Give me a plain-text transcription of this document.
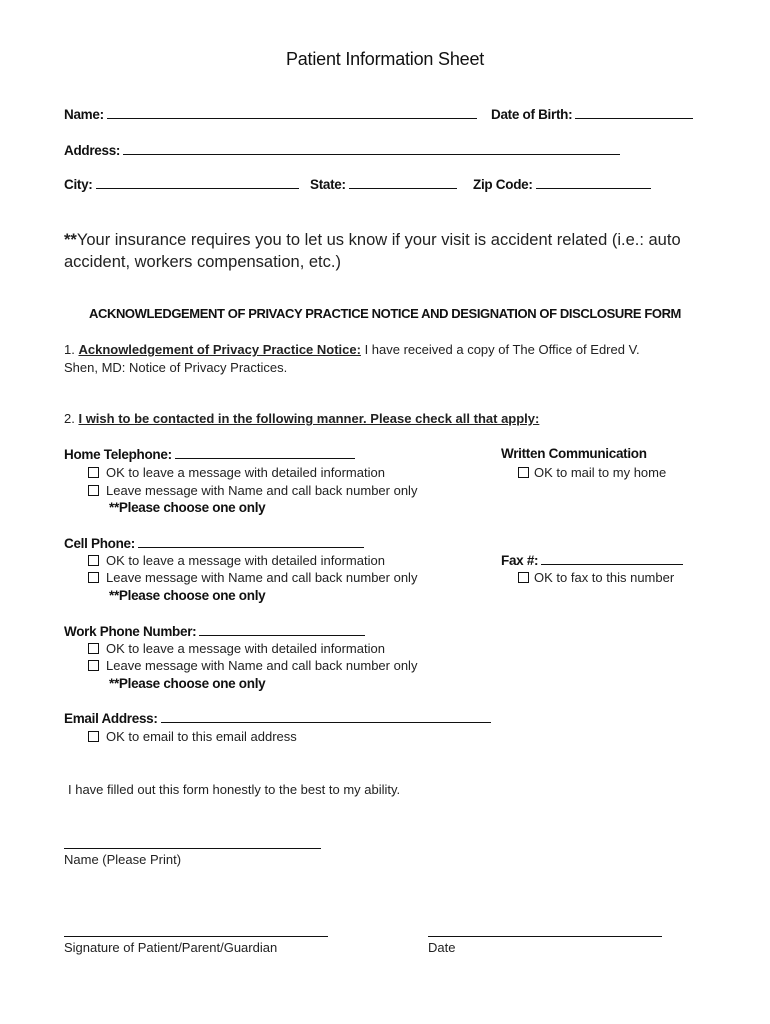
Patient Information Sheet
Name:	Date of Birth:
Address:
City:	State:	Zip Code:
**Your insurance requires you to let us know if your visit is accident related (i.e.: auto accident, workers compensation, etc.)
ACKNOWLEDGEMENT OF PRIVACY PRACTICE NOTICE AND DESIGNATION OF DISCLOSURE FORM
1. Acknowledgement of Privacy Practice Notice: I have received a copy of The Office of Edred V.
Shen, MD: Notice of Privacy Practices.
2. I wish to be contacted in the following manner. Please check all that apply:
Home Telephone:
OK to leave a message with detailed information
Leave message with Name and call back number only
**Please choose one only
Written Communication
OK to mail to my home
Cell Phone:
OK to leave a message with detailed information
Leave message with Name and call back number only
**Please choose one only
Fax #:
OK to fax to this number
Work Phone Number:
OK to leave a message with detailed information
Leave message with Name and call back number only
**Please choose one only
Email Address:
OK to email to this email address
I have filled out this form honestly to the best to my ability.
Name (Please Print)
Signature of Patient/Parent/Guardian	Date
